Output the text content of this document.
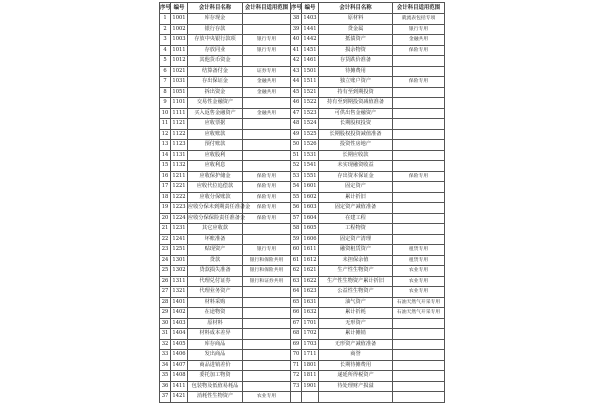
序号	编号	会计科目名称	会计科目适用范围	序号	编号	会计科目名称	会计科目适用范围
1	1001	库存现金		38	1403	原材料	就流表包括专项
2	1002	银行存款		39	1441	贷金属	银行专用
3	1003	存放中央银行款项	银行专用	40	1442	抵债资产	金融共用
4	1011	存放同业	银行专用	41	1451	损余物资	保险专用
5	1012	其他货币资金		42	1461	存货跌价准备	
6	1021	结算备付金	证券专用	43	1501	待摊费用	
7	1031	存出保证金	金融共用	44	1511	独立账户资产	保险专用
8	1051	拆出资金	金融共用	45	1521	持有至到期投资	
9	1101	交易性金融资产		46	1522	持有至到期投资减值准备	
10	1111	买入返售金融资产	金融共用	47	1523	可供出售金融资产	
11	1121	应收票据		48	1524	长期股权投资	
12	1122	应收账款		49	1525	长期股权投资减值准备	
13	1123	预付账款		50	1526	投资性房地产	
14	1131	应收股利		51	1531	长期应收款	
15	1132	应收利息		52	1541	未实现融资收益	
16	1211	应收保护储金	保险专用	53	1551	存出资本保证金	保险专用
17	1221	应收代位追偿款	保险专用	54	1601	固定资产	
18	1222	应收分保账款	保险专用	55	1602	累计折旧	
19	1223	应收分保未到期责任准备金	保险专用	56	1603	固定资产减值准备	
20	1224	应收分保保险责任准备金	保险专用	57	1604	在建工程	
21	1231	其它应收款		58	1605	工程物资	
22	1241	坏账准备		59	1606	固定资产清理	
23	1251	贴现资产	银行专用	60	1611	融资租赁资产	租赁专用
24	1301	贷款	银行和保险共用	61	1612	未担保余值	租赁专用
25	1302	贷款损失准备	银行和保险共用	62	1621	生产性生物资产	农业专用
26	1311	代理兑付证券	银行和证券共用	63	1622	生产性生物资产累计折旧	农业专用
27	1321	代理业务资产		64	1623	公益性生物资产	农业专用
28	1401	材料采购		65	1631	油气资产	石油天然气开采专用
29	1402	在途物资		66	1632	累计折耗	石油天然气开采专用
30	1403	原材料		67	1701	无形资产	
31	1404	材料成本差异		68	1702	累计摊销	
32	1405	库存商品		69	1703	无形资产减值准备	
33	1406	发出商品		70	1711	商誉	
34	1407	商品进销差价		71	1801	长期待摊费用	
35	1408	委托加工物资		72	1811	递延所得税资产	
36	1411	包装物及低值易耗品		73	1901	待处理财产损溢	
37	1421	消耗性生物资产	农业专用				
